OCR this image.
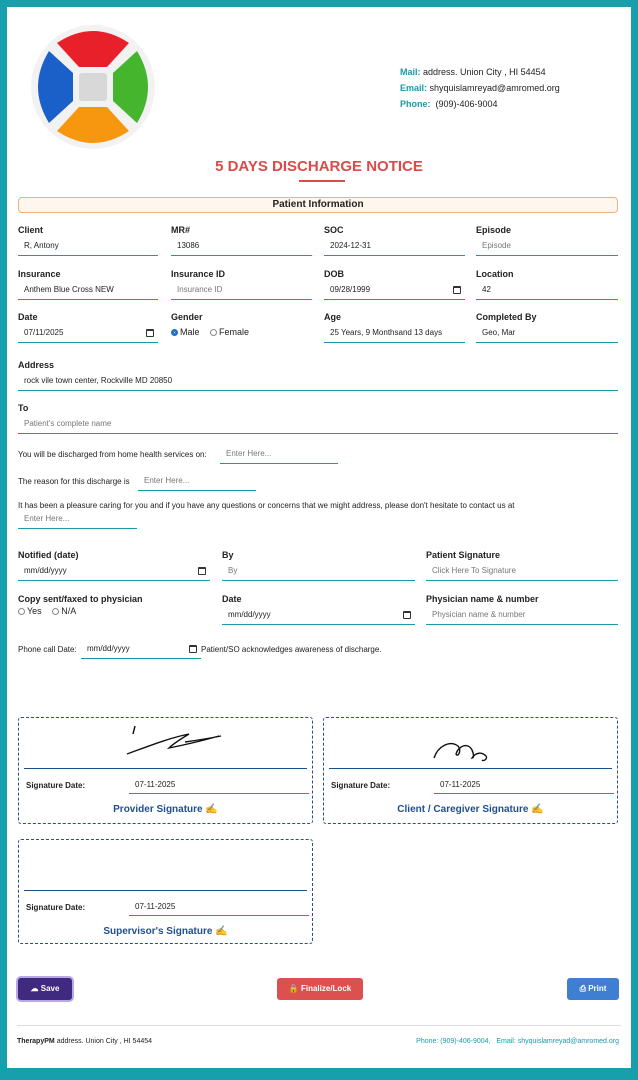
Mail: address. Union City , HI 54454
Email: shyquislamreyad@amromed.org
Phone: (909)-406-9004
5 DAYS DISCHARGE NOTICE
Patient Information
Client
R, Antony
MR#
13086
SOC
2024-12-31
Episode
Episode
Insurance
Anthem Blue Cross NEW
Insurance ID
Insurance ID
DOB
09/28/1999
Location
42
Date
07/11/2025
Gender
Male Female
Age
25 Years, 9 Monthsand 13 days
Completed By
Geo, Mar
Address
rock vile town center, Rockville MD 20850
To
Patient's complete name
You will be discharged from home health services on:	Enter Here...
The reason for this discharge is	Enter Here...
It has been a pleasure caring for you and if you have any questions or concerns that we might address, please don't hesitate to contact us at
Enter Here...
Notified (date)
mm/dd/yyyy
By
By
Patient Signature
Click Here To Signature
Copy sent/faxed to physician
Yes N/A
Date
mm/dd/yyyy
Physician name & number
Physician name & number
Phone call Date:	mm/dd/yyyy	Patient/SO acknowledges awareness of discharge.
Signature Date:	07-11-2025
Provider Signature ✍
Signature Date:	07-11-2025
Client / Caregiver Signature ✍
Signature Date:	07-11-2025
Supervisor's Signature ✍
☁ Save	🔒 Finalize/Lock	⎙ Print
TherapyPM address. Union City , HI 54454	Phone: (909)-406-9004, Email: shyquislamreyad@amromed.org
